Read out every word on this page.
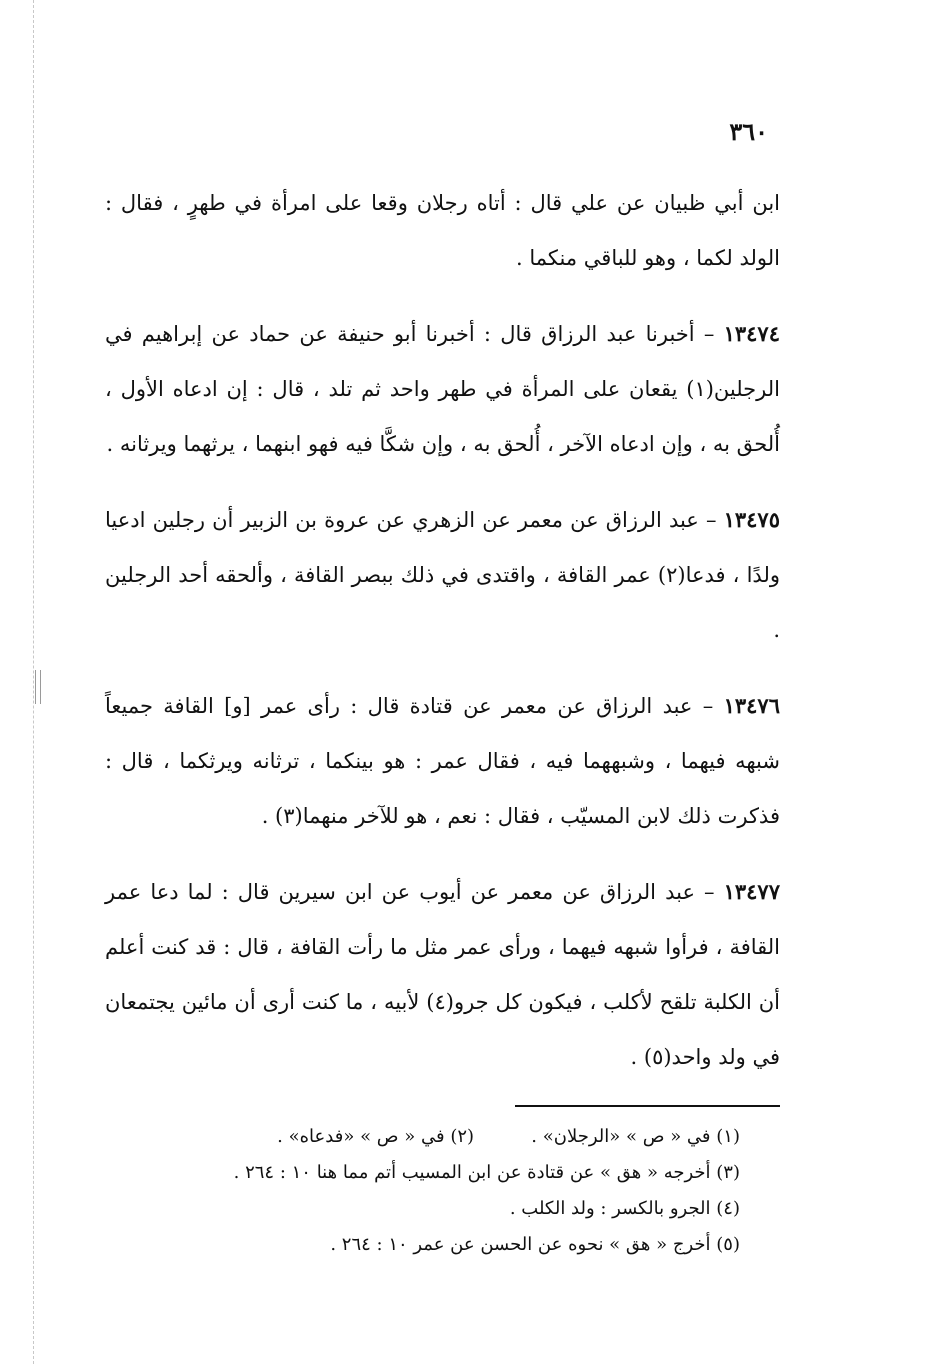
٣٦٠

ابن أبي ظبيان عن علي قال : أتاه رجلان وقعا على امرأة في طهرٍ ، فقال : الولد لكما ، وهو للباقي منكما .

١٣٤٧٤ – أخبرنا عبد الرزاق قال : أخبرنا أبو حنيفة عن حماد عن إبراهيم في الرجلين(١) يقعان على المرأة في طهر واحد ثم تلد ، قال : إن ادعاه الأول ، أُلحق به ، وإن ادعاه الآخر ، أُلحق به ، وإن شكَّا فيه فهو ابنهما ، يرثهما ويرثانه .

١٣٤٧٥ – عبد الرزاق عن معمر عن الزهري عن عروة بن الزبير أن رجلين ادعيا ولدًا ، فدعا(٢) عمر القافة ، واقتدى في ذلك ببصر القافة ، وألحقه أحد الرجلين .

١٣٤٧٦ – عبد الرزاق عن معمر عن قتادة قال : رأى عمر [و] القافة جميعاً شبهه فيهما ، وشبههما فيه ، فقال عمر : هو بينكما ، ترثانه ويرثكما ، قال : فذكرت ذلك لابن المسيّب ، فقال : نعم ، هو للآخر منهما(٣) .

١٣٤٧٧ – عبد الرزاق عن معمر عن أيوب عن ابن سيرين قال : لما دعا عمر القافة ، فرأوا شبهه فيهما ، ورأى عمر مثل ما رأت القافة ، قال : قد كنت أعلم أن الكلبة تلقح لأكلب ، فيكون كل جرو(٤) لأبيه ، ما كنت أرى أن مائين يجتمعان في ولد واحد(٥) .

(١) في « ص » «الرجلان» .          (٢) في « ص » «فدعاه» .
(٣) أخرجه « هق » عن قتادة عن ابن المسيب أتم مما هنا ١٠ : ٢٦٤ .
(٤) الجرو بالكسر : ولد الكلب .
(٥) أخرج « هق » نحوه عن الحسن عن عمر ١٠ : ٢٦٤ .
